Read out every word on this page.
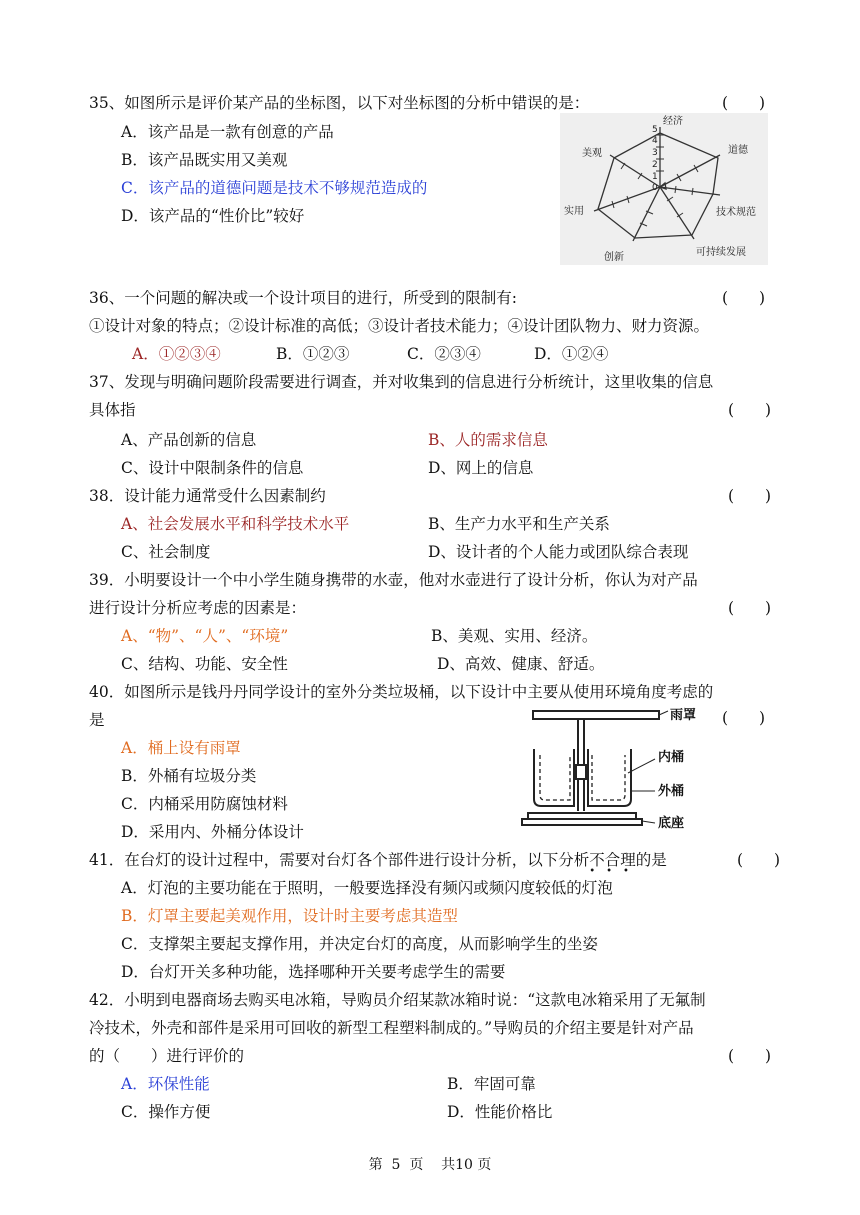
35、如图所示是评价某产品的坐标图，以下对坐标图的分析中错误的是：	(　　)
A．该产品是一款有创意的产品
B．该产品既实用又美观
C．该产品的道德问题是技术不够规范造成的
D．该产品的“性价比”较好
5
4
3
2
1
0
经济
道德
技术规范
可持续发展
创新
实用
美观
36、一个问题的解决或一个设计项目的进行，所受到的限制有:	(　　)
①设计对象的特点；②设计标准的高低；③设计者技术能力；④设计团队物力、财力资源。
A．①②③④	B．①②③	C．②③④	D．①②④
37、发现与明确问题阶段需要进行调查，并对收集到的信息进行分析统计，这里收集的信息
具体指	(　　)
A、产品创新的信息	B、人的需求信息
C、设计中限制条件的信息	D、网上的信息
38．设计能力通常受什么因素制约	(　　)
A、社会发展水平和科学技术水平	B、生产力水平和生产关系
C、社会制度	D、设计者的个人能力或团队综合表现
39．小明要设计一个中小学生随身携带的水壶，他对水壶进行了设计分析，你认为对产品
进行设计分析应考虑的因素是：	(　　)
A、“物”、“人”、“环境”	B、美观、实用、经济。
C、结构、功能、安全性	D、高效、健康、舒适。
40．如图所示是钱丹丹同学设计的室外分类垃圾桶，以下设计中主要从使用环境角度考虑的
是	(　　)
A．桶上设有雨罩
B．外桶有垃圾分类
C．内桶采用防腐蚀材料
D．采用内、外桶分体设计
雨罩
内桶
外桶
底座
41．在台灯的设计过程中，需要对台灯各个部件进行设计分析，以下分析不合理
•••
的是	(　　)
A．灯泡的主要功能在于照明，一般要选择没有频闪或频闪度较低的灯泡
B．灯罩主要起美观作用，设计时主要考虑其造型
C．支撑架主要起支撑作用，并决定台灯的高度，从而影响学生的坐姿
D．台灯开关多种功能，选择哪种开关要考虑学生的需要
42．小明到电器商场去购买电冰箱，导购员介绍某款冰箱时说：“这款电冰箱采用了无氟制
冷技术，外壳和部件是采用可回收的新型工程塑料制成的。”导购员的介绍主要是针对产品
的（　　）进行评价的	(　　)
A．环保性能	B．牢固可靠
C．操作方便	D．性能价格比
第  5  页    共10 页
